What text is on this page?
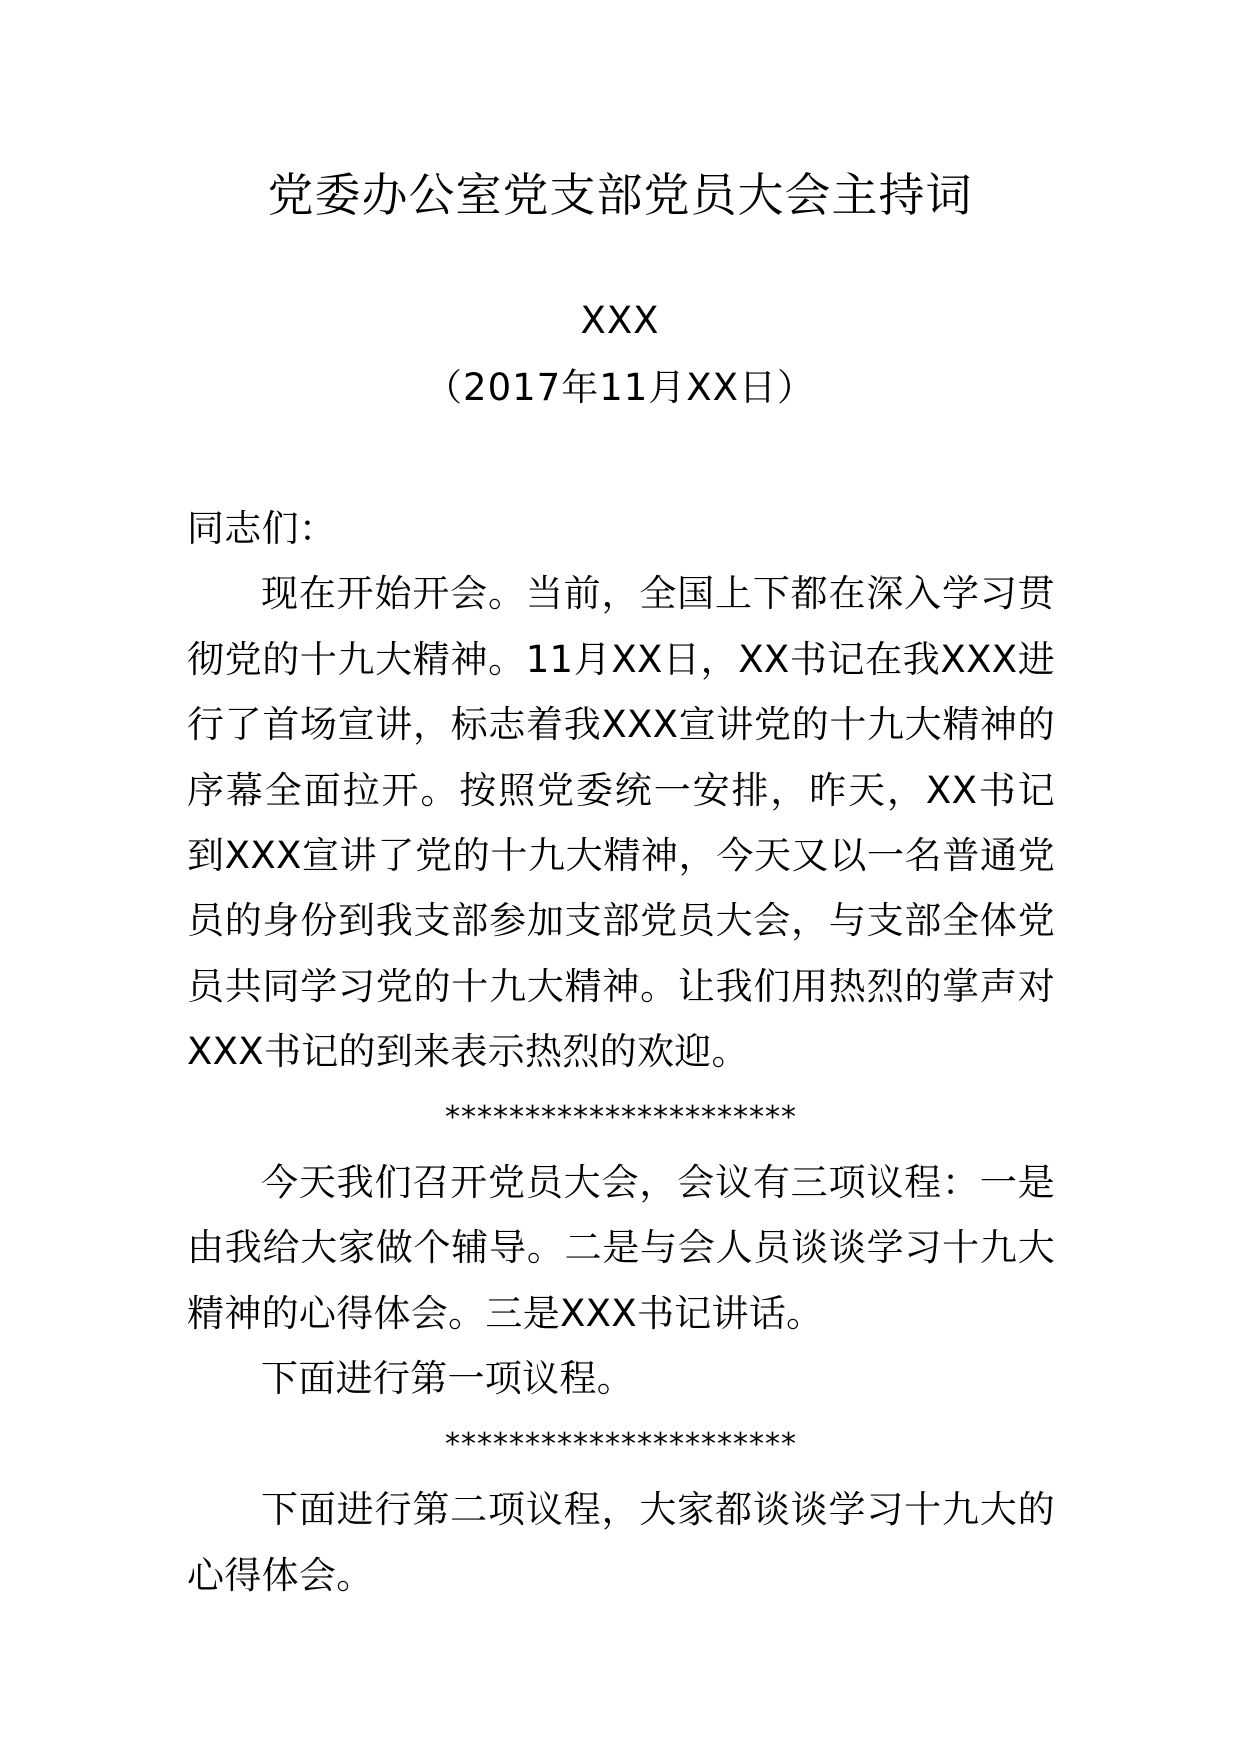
党委办公室党支部党员大会主持词
XXX
（2017年11月XX日）

同志们：

现在开始开会。当前，全国上下都在深入学习贯彻党的十九大精神。11月XX日，XX书记在我XXX进行了首场宣讲，标志着我XXX宣讲党的十九大精神的序幕全面拉开。按照党委统一安排，昨天，XX书记到XXX宣讲了党的十九大精神，今天又以一名普通党员的身份到我支部参加支部党员大会，与支部全体党员共同学习党的十九大精神。让我们用热烈的掌声对XXX书记的到来表示热烈的欢迎。

**********************

今天我们召开党员大会，会议有三项议程：一是由我给大家做个辅导。二是与会人员谈谈学习十九大精神的心得体会。三是XXX书记讲话。

下面进行第一项议程。

**********************

下面进行第二项议程，大家都谈谈学习十九大的心得体会。
